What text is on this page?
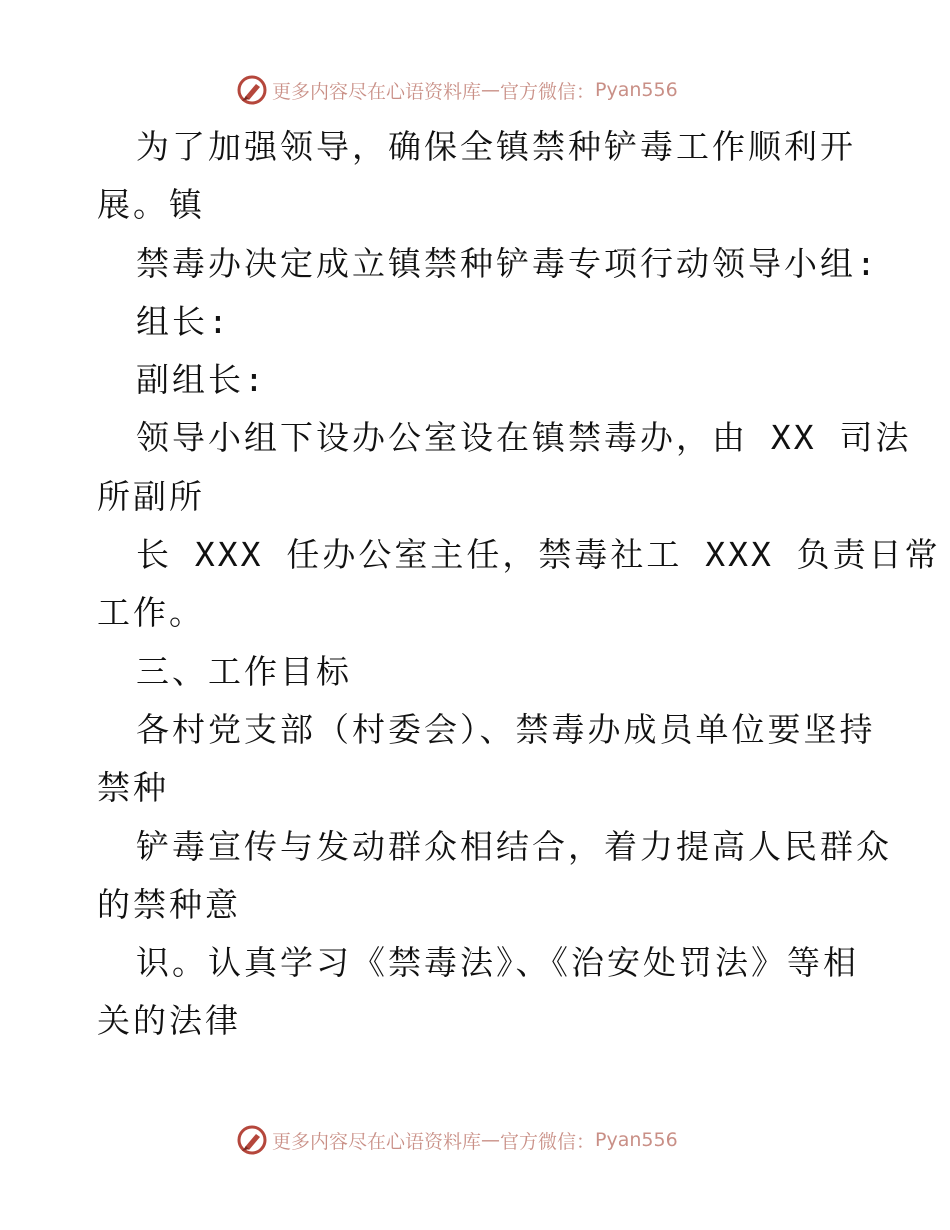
更多内容尽在心语资料库 — 官方微信： Pyan556
为了加强领导，确保全镇禁种铲毒工作顺利开
展。镇
禁毒办决定成立镇禁种铲毒专项行动领导小组:
组长:
副组长:
领导小组下设办公室设在镇禁毒办，由 XX 司法
所副所
长 XXX 任办公室主任，禁毒社工 XXX 负责日常
工作。
三、工作目标
各村党支部（村委会）、禁毒办成员单位要坚持
禁种
铲毒宣传与发动群众相结合，着力提高人民群众
的禁种意
识。认真学习《禁毒法》、《治安处罚法》等相
关的法律
更多内容尽在心语资料库 — 官方微信： Pyan556
